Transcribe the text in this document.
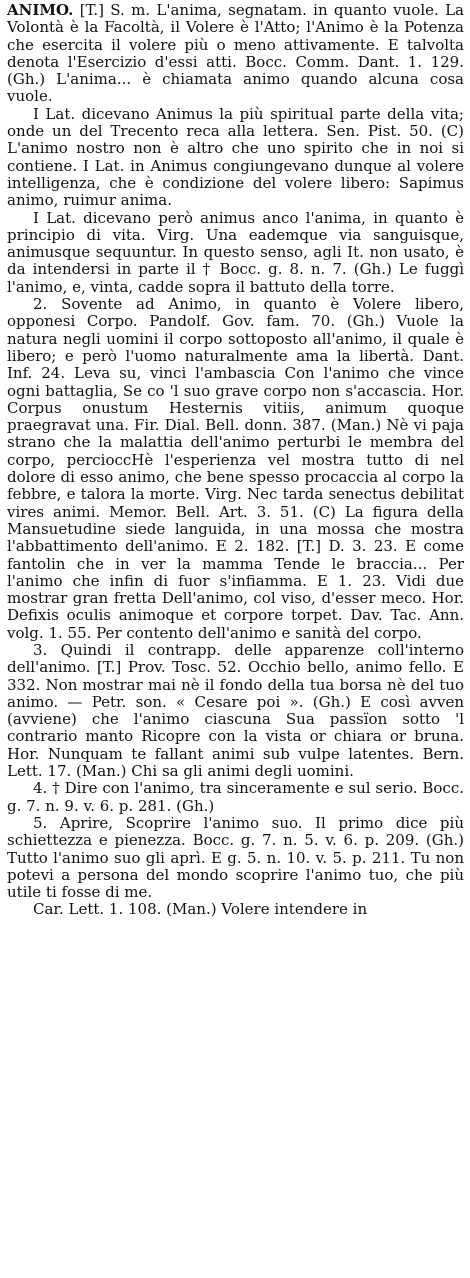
ANIMO. [T.] S. m. L'anima, segnatam. in quanto vuole. La Volontà è la Facoltà, il Volere è l'Atto; l'Animo è la Potenza che esercita il volere più o meno attivamente. E talvolta denota l'Esercizio d'essi atti. Bocc. Comm. Dant. 1. 129. (Gh.) L'anima... è chiamata animo quando alcuna cosa vuole.

I Lat. dicevano Animus la più spiritual parte della vita; onde un del Trecento reca alla lettera. Sen. Pist. 50. (C) L'animo nostro non è altro che uno spirito che in noi si contiene. I Lat. in Animus congiungevano dunque al volere intelligenza, che è condizione del volere libero: Sapimus animo, ruimur anima.

I Lat. dicevano però animus anco l'anima, in quanto è principio di vita. Virg. Una eademque via sanguisque, animusque sequuntur. In questo senso, agli It. non usato, è da intendersi in parte il † Bocc. g. 8. n. 7. (Gh.) Le fuggì l'animo, e, vinta, cadde sopra il battuto della torre.

2. Sovente ad Animo, in quanto è Volere libero, opponesi Corpo. Pandolf. Gov. fam. 70. (Gh.) Vuole la natura negli uomini il corpo sottoposto all'animo, il quale è libero; e però l'uomo naturalmente ama la libertà. Dant. Inf. 24. Leva su, vinci l'ambascia Con l'animo che vince ogni battaglia, Se co 'l suo grave corpo non s'accascia. Hor. Corpus onustum Hesternis vitiis, animum quoque praegravat una. Fir. Dial. Bell. donn. 387. (Man.) Nè vi paja strano che la malattia dell'animo perturbi le membra del corpo, percioccHè l'esperienza vel mostra tutto di nel dolore di esso animo, che bene spesso procaccia al corpo la febbre, e talora la morte. Virg. Nec tarda senectus debilitat vires animi. Memor. Bell. Art. 3. 51. (C) La figura della Mansuetudine siede languida, in una mossa che mostra l'abbattimento dell'animo. E 2. 182. [T.] D. 3. 23. E come fantolin che in ver la mamma Tende le braccia... Per l'animo che infin di fuor s'infiamma. E 1. 23. Vidi due mostrar gran fretta Dell'animo, col viso, d'esser meco. Hor. Defixis oculis animoque et corpore torpet. Dav. Tac. Ann. volg. 1. 55. Per contento dell'animo e sanità del corpo.

3. Quindi il contrapp. delle apparenze coll'interno dell'animo. [T.] Prov. Tosc. 52. Occhio bello, animo fello. E 332. Non mostrar mai nè il fondo della tua borsa nè del tuo animo. — Petr. son. « Cesare poi ». (Gh.) E così avven (avviene) che l'animo ciascuna Sua passïon sotto 'l contrario manto Ricopre con la vista or chiara or bruna. Hor. Nunquam te fallant animi sub vulpe latentes. Bern. Lett. 17. (Man.) Chi sa gli animi degli uomini.

4. † Dire con l'animo, tra sinceramente e sul serio. Bocc. g. 7. n. 9. v. 6. p. 281. (Gh.)

5. Aprire, Scoprire l'animo suo. Il primo dice più schiettezza e pienezza. Bocc. g. 7. n. 5. v. 6. p. 209. (Gh.) Tutto l'animo suo gli aprì. E g. 5. n. 10. v. 5. p. 211. Tu non potevi a persona del mondo scoprire l'animo tuo, che più utile ti fosse di me.

Car. Lett. 1. 108. (Man.) Volere intendere in
